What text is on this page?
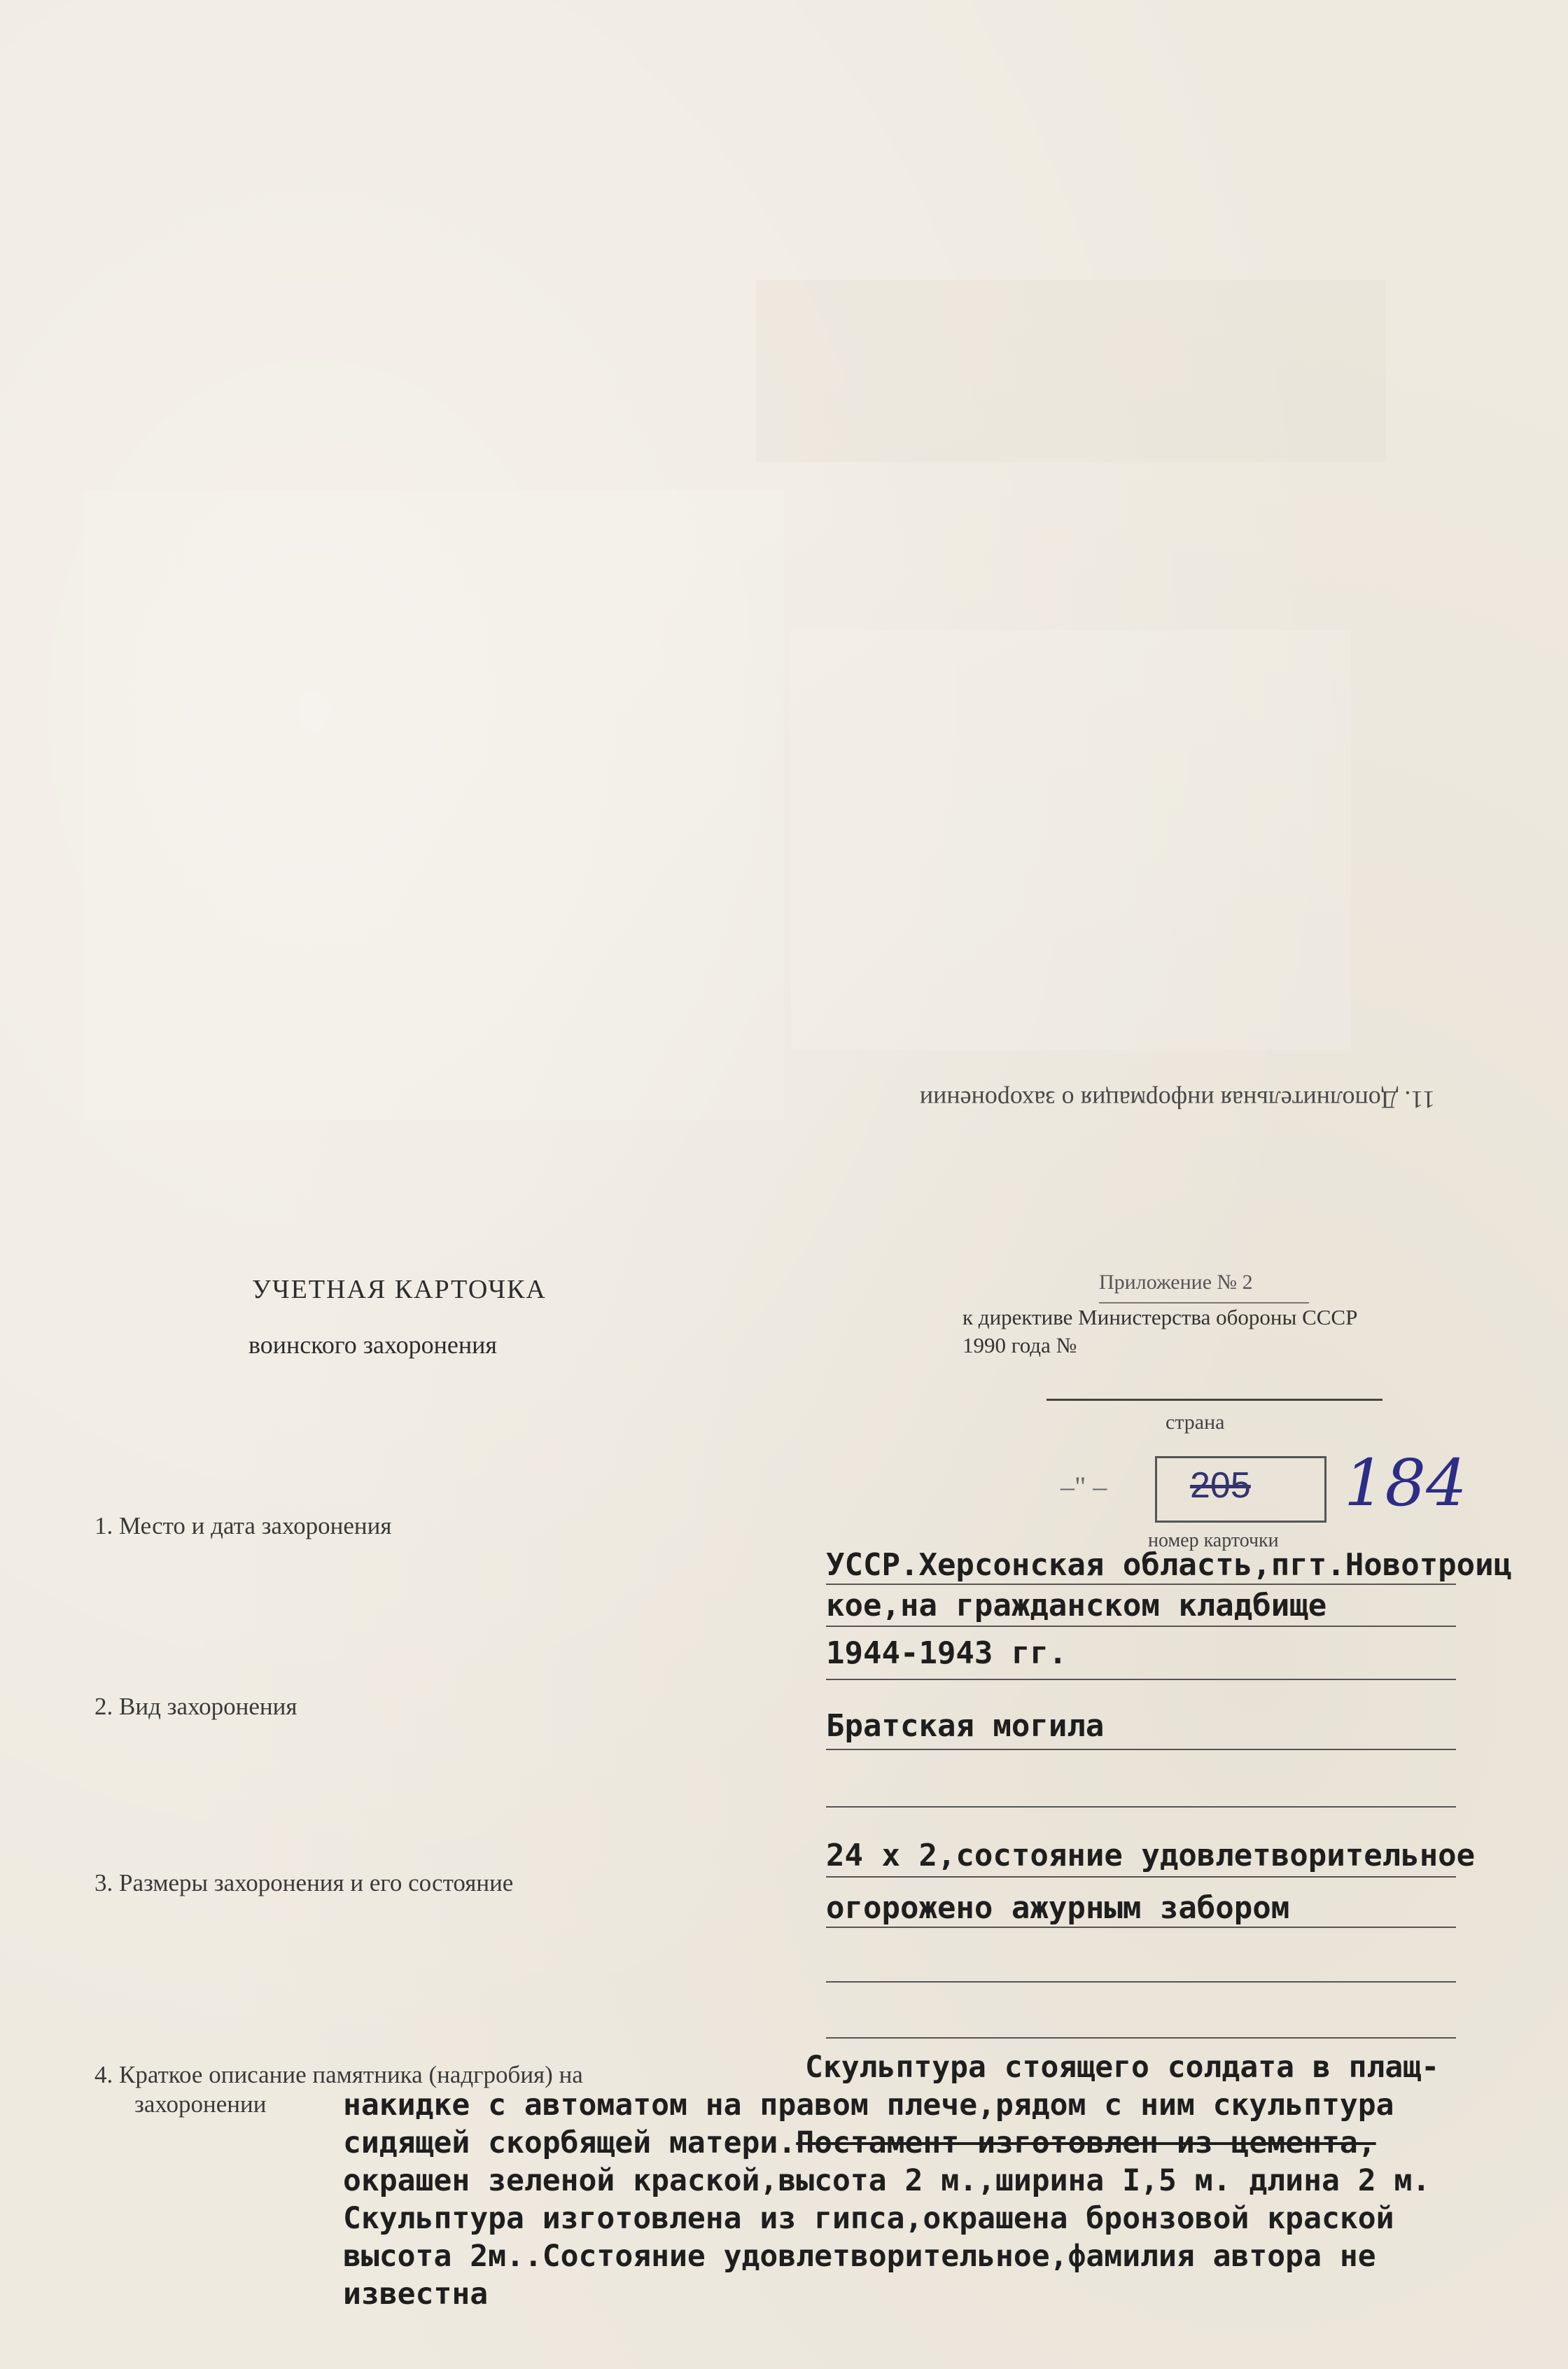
11. Дополнительная информация о захоронении
УЧЕТНАЯ КАРТОЧКА
воинского захоронения
Приложение № 2
к директиве Министерства обороны СССР
1990 года №
страна
–" – 205 184
номер карточки
1. Место и дата захоронения
УССР.Херсонская область,пгт.Новотроиц
кое,на гражданском кладбище
1944-1943 гг.
2. Вид захоронения
Братская могила
24 х 2,состояние удовлетворительное
3. Размеры захоронения и его состояние
огорожено ажурным забором
4. Краткое описание памятника (надгробия) на
захоронении
Скульптура стоящего солдата в плащ-
накидке с автоматом на правом плече,рядом с ним скульптура
сидящей скорбящей матери.Постамент изготовлен из цемента,
окрашен зеленой краской,высота 2 м.,ширина I,5 м. длина 2 м.
Скульптура изготовлена из гипса,окрашена бронзовой краской
высота 2м..Состояние удовлетворительное,фамилия автора не
известна
